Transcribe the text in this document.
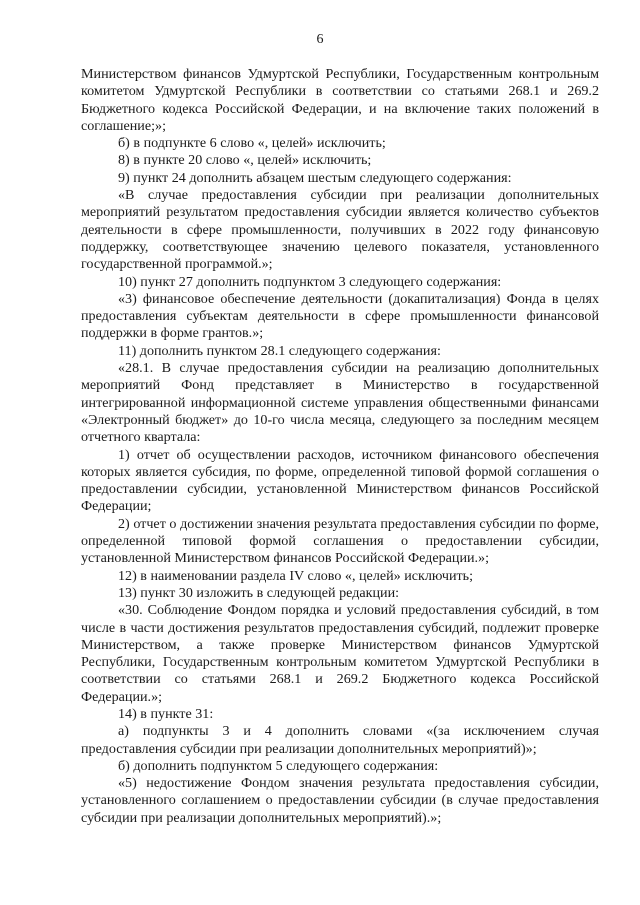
6

Министерством финансов Удмуртской Республики, Государственным контрольным комитетом Удмуртской Республики в соответствии со статьями 268.1 и 269.2 Бюджетного кодекса Российской Федерации, и на включение таких положений в соглашение;»;

б) в подпункте 6 слово «, целей» исключить;

8) в пункте 20 слово «, целей» исключить;

9) пункт 24 дополнить абзацем шестым следующего содержания:

«В случае предоставления субсидии при реализации дополнительных мероприятий результатом предоставления субсидии является количество субъектов деятельности в сфере промышленности, получивших в 2022 году финансовую поддержку, соответствующее значению целевого показателя, установленного государственной программой.»;

10) пункт 27 дополнить подпунктом 3 следующего содержания:

«3) финансовое обеспечение деятельности (докапитализация) Фонда в целях предоставления субъектам деятельности в сфере промышленности финансовой поддержки в форме грантов.»;

11) дополнить пунктом 28.1 следующего содержания:

«28.1. В случае предоставления субсидии на реализацию дополнительных мероприятий Фонд представляет в Министерство в государственной интегрированной информационной системе управления общественными финансами «Электронный бюджет» до 10-го числа месяца, следующего за последним месяцем отчетного квартала:

1) отчет об осуществлении расходов, источником финансового обеспечения которых является субсидия, по форме, определенной типовой формой соглашения о предоставлении субсидии, установленной Министерством финансов Российской Федерации;

2) отчет о достижении значения результата предоставления субсидии по форме, определенной типовой формой соглашения о предоставлении субсидии, установленной Министерством финансов Российской Федерации.»;

12) в наименовании раздела IV слово «, целей» исключить;

13) пункт 30 изложить в следующей редакции:

«30. Соблюдение Фондом порядка и условий предоставления субсидий, в том числе в части достижения результатов предоставления субсидий, подлежит проверке Министерством, а также проверке Министерством финансов Удмуртской Республики, Государственным контрольным комитетом Удмуртской Республики в соответствии со статьями 268.1 и 269.2 Бюджетного кодекса Российской Федерации.»;

14) в пункте 31:

а) подпункты 3 и 4 дополнить словами «(за исключением случая предоставления субсидии при реализации дополнительных мероприятий)»;

б) дополнить подпунктом 5 следующего содержания:

«5) недостижение Фондом значения результата предоставления субсидии, установленного соглашением о предоставлении субсидии (в случае предоставления субсидии при реализации дополнительных мероприятий).»;
